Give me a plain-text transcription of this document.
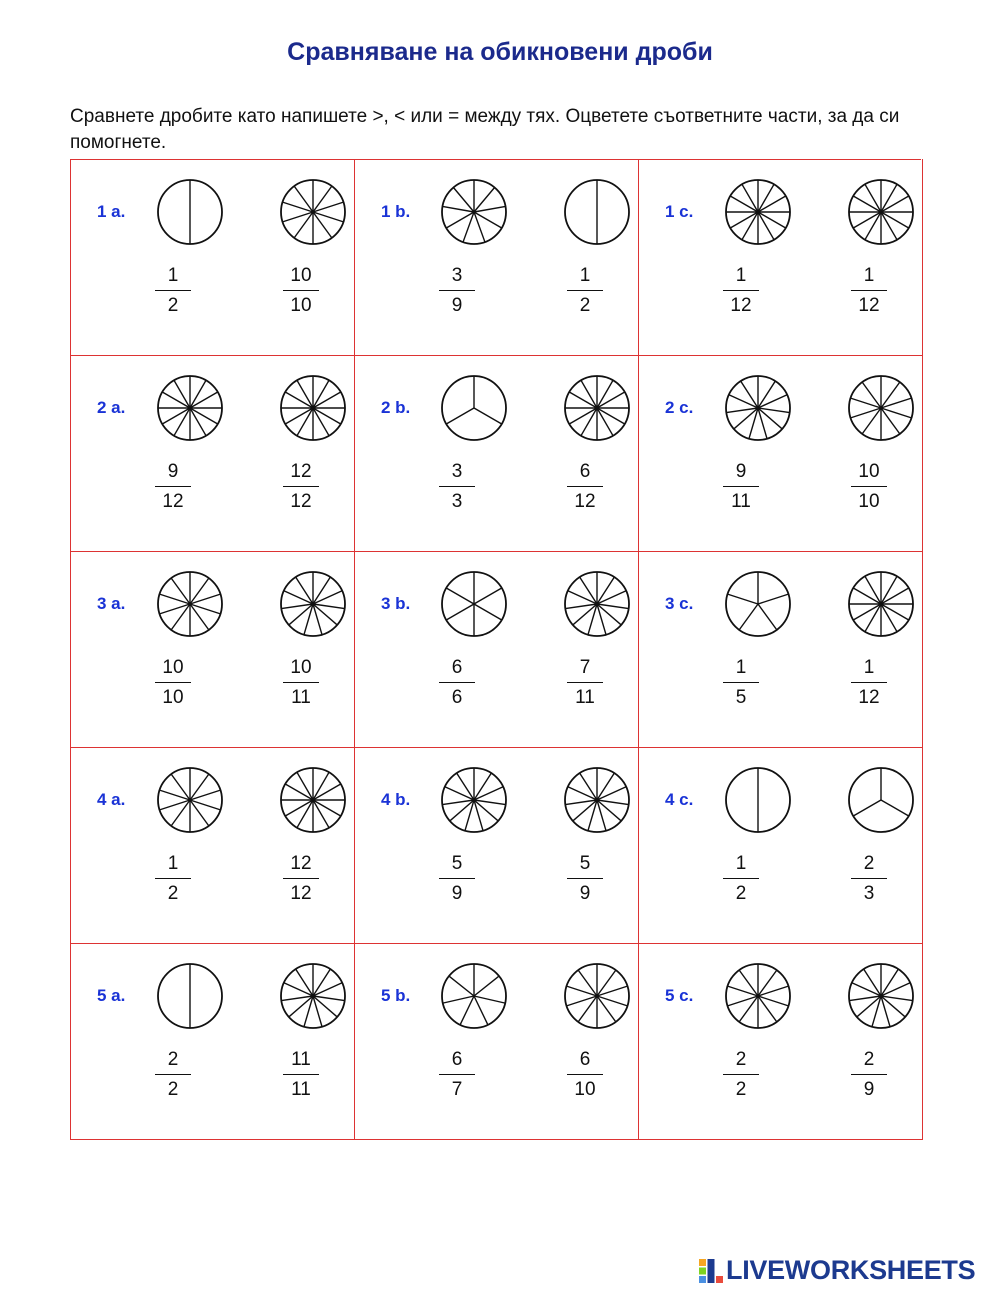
Сравняване на обикновени дроби
Сравнете дробите като напишете >, < или = между тях. Оцветете съответните части, за да си помогнете.
1 a.
1
2
10
10
1 b.
3
9
1
2
1 c.
1
12
1
12
2 a.
9
12
12
12
2 b.
3
3
6
12
2 c.
9
11
10
10
3 a.
10
10
10
11
3 b.
6
6
7
11
3 c.
1
5
1
12
4 a.
1
2
12
12
4 b.
5
9
5
9
4 c.
1
2
2
3
5 a.
2
2
11
11
5 b.
6
7
6
10
5 c.
2
2
2
9
LIVEWORKSHEETS
